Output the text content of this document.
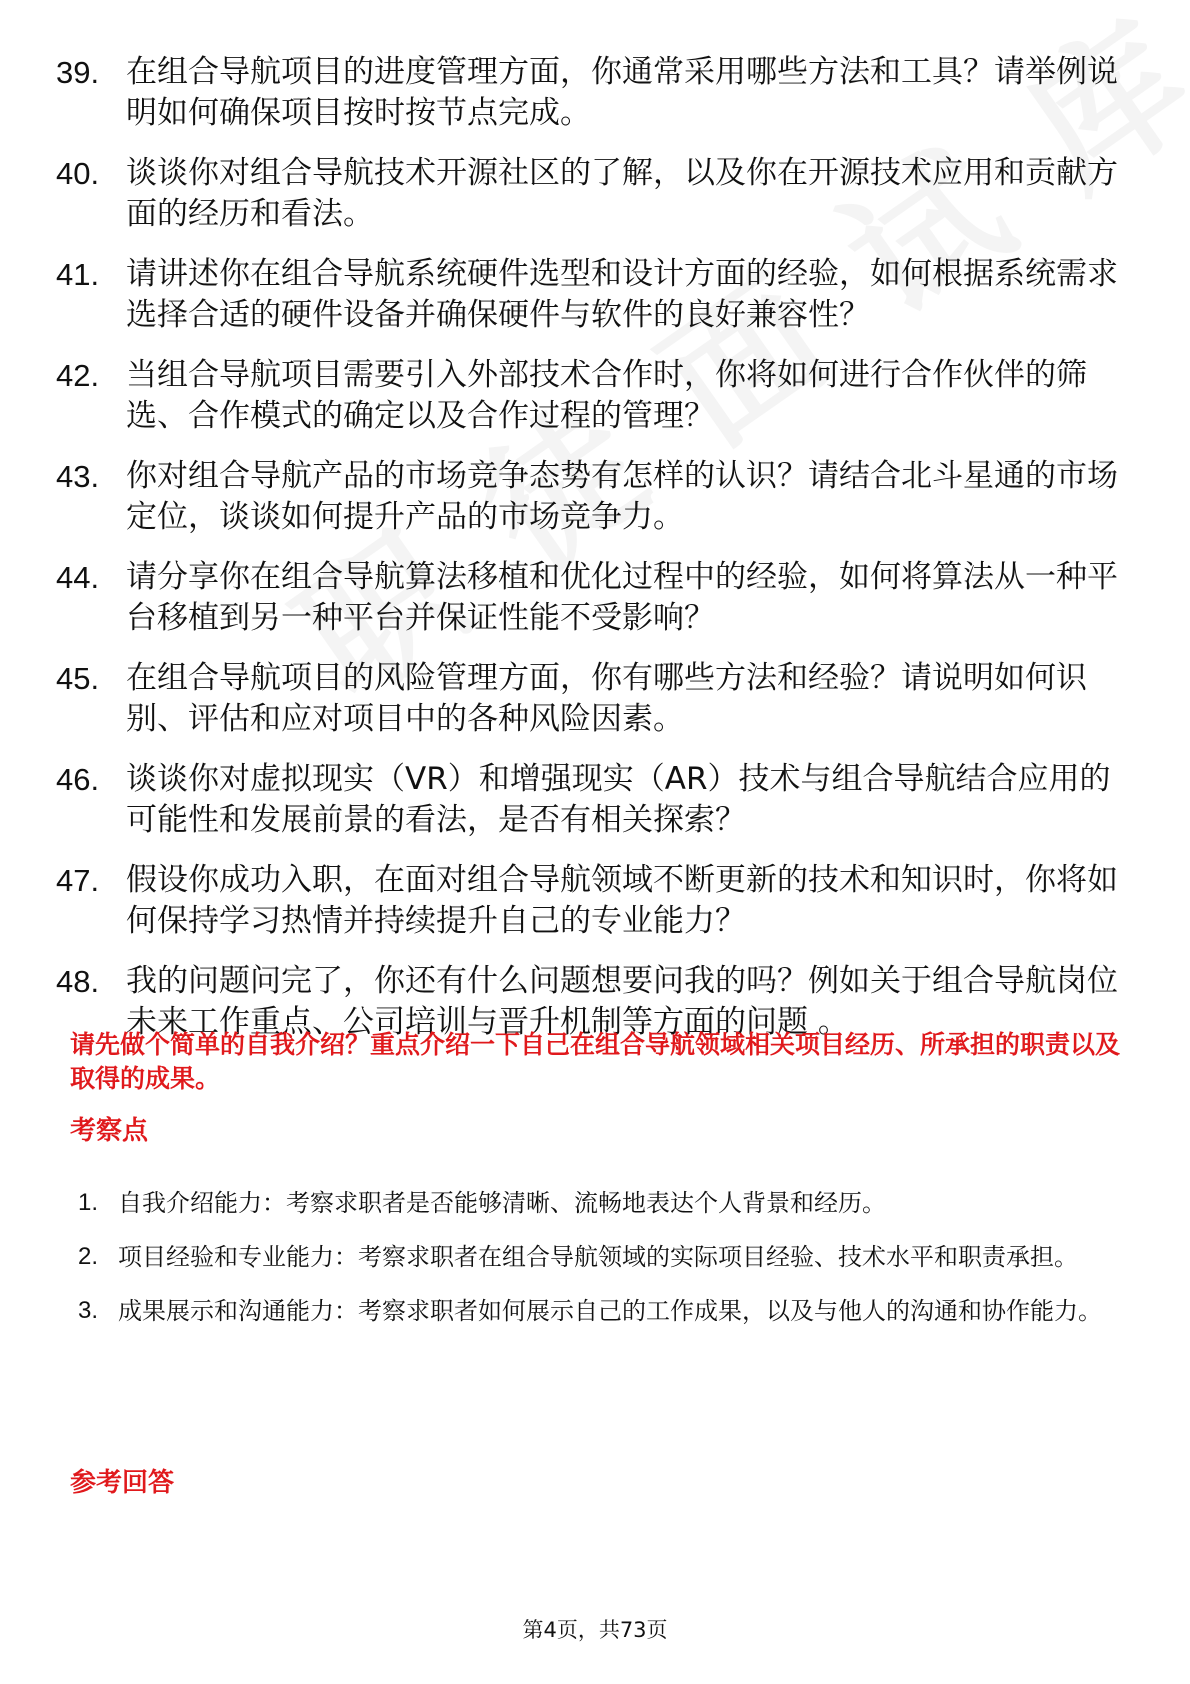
39. 在组合导航项目的进度管理方面，你通常采用哪些方法和工具？请举例说明如何确保项目按时按节点完成。
40. 谈谈你对组合导航技术开源社区的了解，以及你在开源技术应用和贡献方面的经历和看法。
41. 请讲述你在组合导航系统硬件选型和设计方面的经验，如何根据系统需求选择合适的硬件设备并确保硬件与软件的良好兼容性？
42. 当组合导航项目需要引入外部技术合作时，你将如何进行合作伙伴的筛选、合作模式的确定以及合作过程的管理？
43. 你对组合导航产品的市场竞争态势有怎样的认识？请结合北斗星通的市场定位，谈谈如何提升产品的市场竞争力。
44. 请分享你在组合导航算法移植和优化过程中的经验，如何将算法从一种平台移植到另一种平台并保证性能不受影响？
45. 在组合导航项目的风险管理方面，你有哪些方法和经验？请说明如何识别、评估和应对项目中的各种风险因素。
46. 谈谈你对虚拟现实（VR）和增强现实（AR）技术与组合导航结合应用的可能性和发展前景的看法，是否有相关探索？
47. 假设你成功入职，在面对组合导航领域不断更新的技术和知识时，你将如何保持学习热情并持续提升自己的专业能力？
48. 我的问题问完了，你还有什么问题想要问我的吗？例如关于组合导航岗位未来工作重点、公司培训与晋升机制等方面的问题 。

请先做个简单的自我介绍？重点介绍一下自己在组合导航领域相关项目经历、所承担的职责以及取得的成果。

考察点
1. 自我介绍能力：考察求职者是否能够清晰、流畅地表达个人背景和经历。
2. 项目经验和专业能力：考察求职者在组合导航领域的实际项目经验、技术水平和职责承担。
3. 成果展示和沟通能力：考察求职者如何展示自己的工作成果，以及与他人的沟通和协作能力。
参考回答
第4页，共73页
